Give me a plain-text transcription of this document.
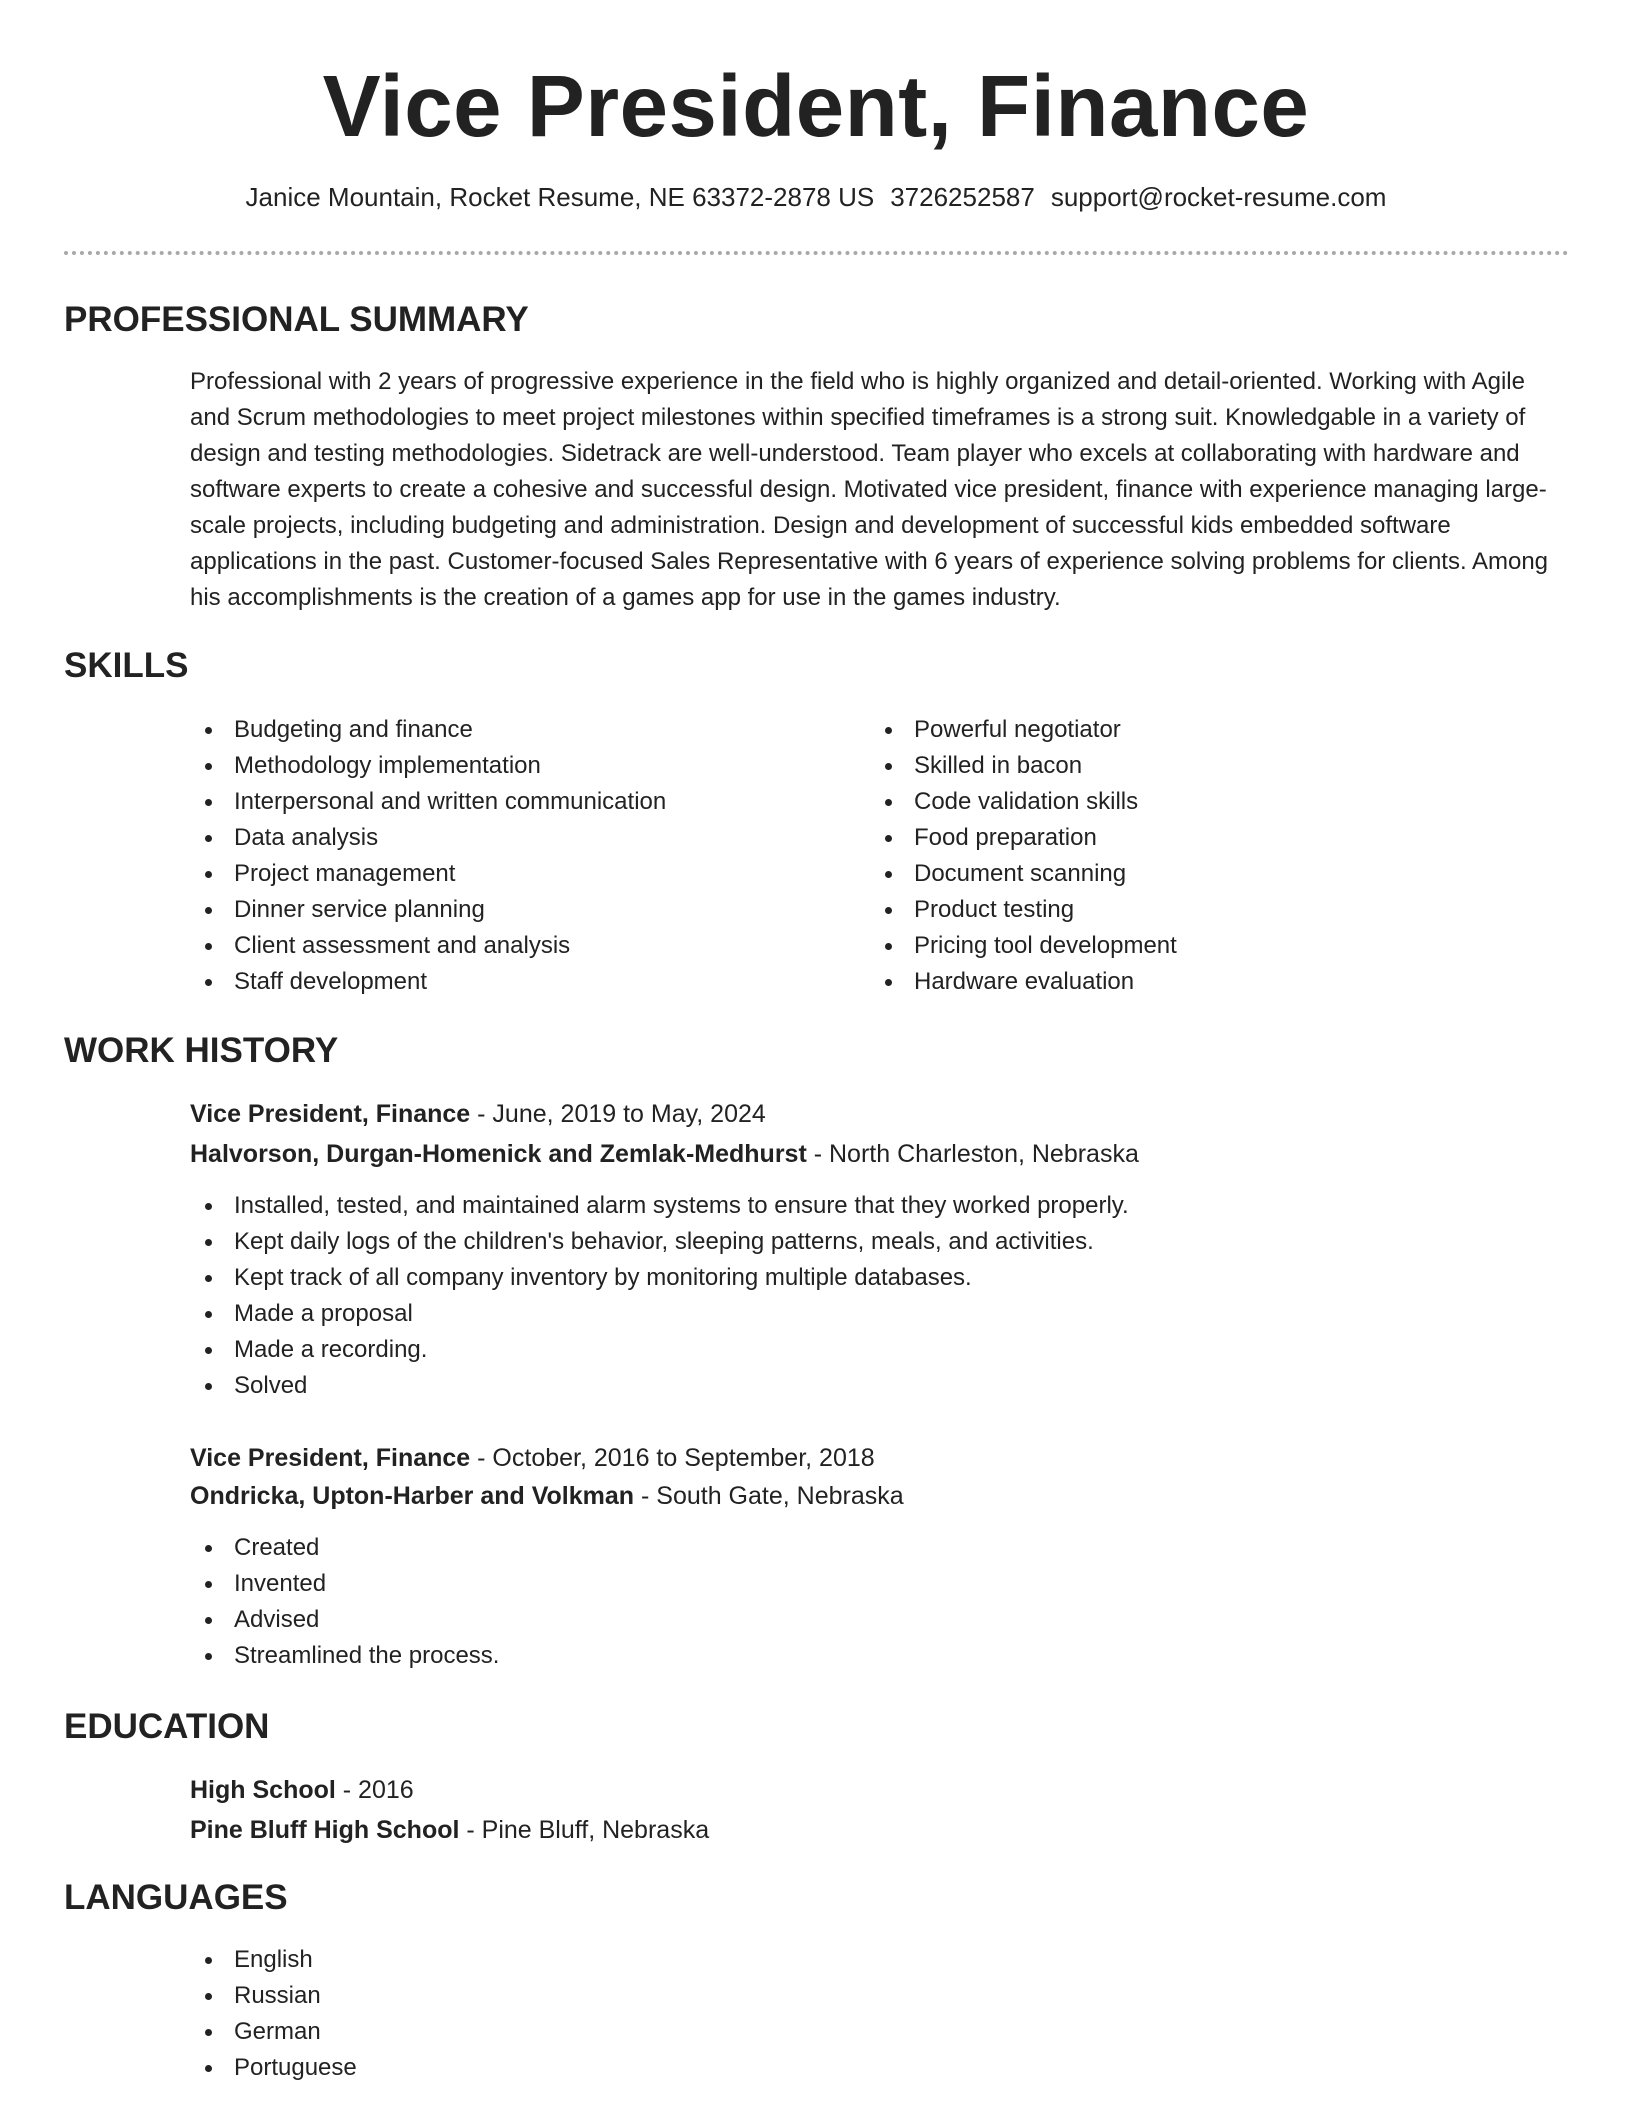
Vice President, Finance
Janice Mountain, Rocket Resume, NE 63372-2878 US 3726252587 support@rocket-resume.com
PROFESSIONAL SUMMARY

Professional with 2 years of progressive experience in the field who is highly organized and detail-oriented. Working with Agile and Scrum methodologies to meet project milestones within specified timeframes is a strong suit. Knowledgable in a variety of design and testing methodologies. Sidetrack are well-understood. Team player who excels at collaborating with hardware and software experts to create a cohesive and successful design. Motivated vice president, finance with experience managing large-scale projects, including budgeting and administration. Design and development of successful kids embedded software applications in the past. Customer-focused Sales Representative with 6 years of experience solving problems for clients. Among his accomplishments is the creation of a games app for use in the games industry.

SKILLS
Budgeting and finance
Methodology implementation
Interpersonal and written communication
Data analysis
Project management
Dinner service planning
Client assessment and analysis
Staff development
Powerful negotiator
Skilled in bacon
Code validation skills
Food preparation
Document scanning
Product testing
Pricing tool development
Hardware evaluation
WORK HISTORY
Vice President, Finance - June, 2019 to May, 2024
Halvorson, Durgan-Homenick and Zemlak-Medhurst - North Charleston, Nebraska
Installed, tested, and maintained alarm systems to ensure that they worked properly.
Kept daily logs of the children's behavior, sleeping patterns, meals, and activities.
Kept track of all company inventory by monitoring multiple databases.
Made a proposal
Made a recording.
Solved
Vice President, Finance - October, 2016 to September, 2018
Ondricka, Upton-Harber and Volkman - South Gate, Nebraska
Created
Invented
Advised
Streamlined the process.
EDUCATION
High School - 2016
Pine Bluff High School - Pine Bluff, Nebraska
LANGUAGES
English
Russian
German
Portuguese
